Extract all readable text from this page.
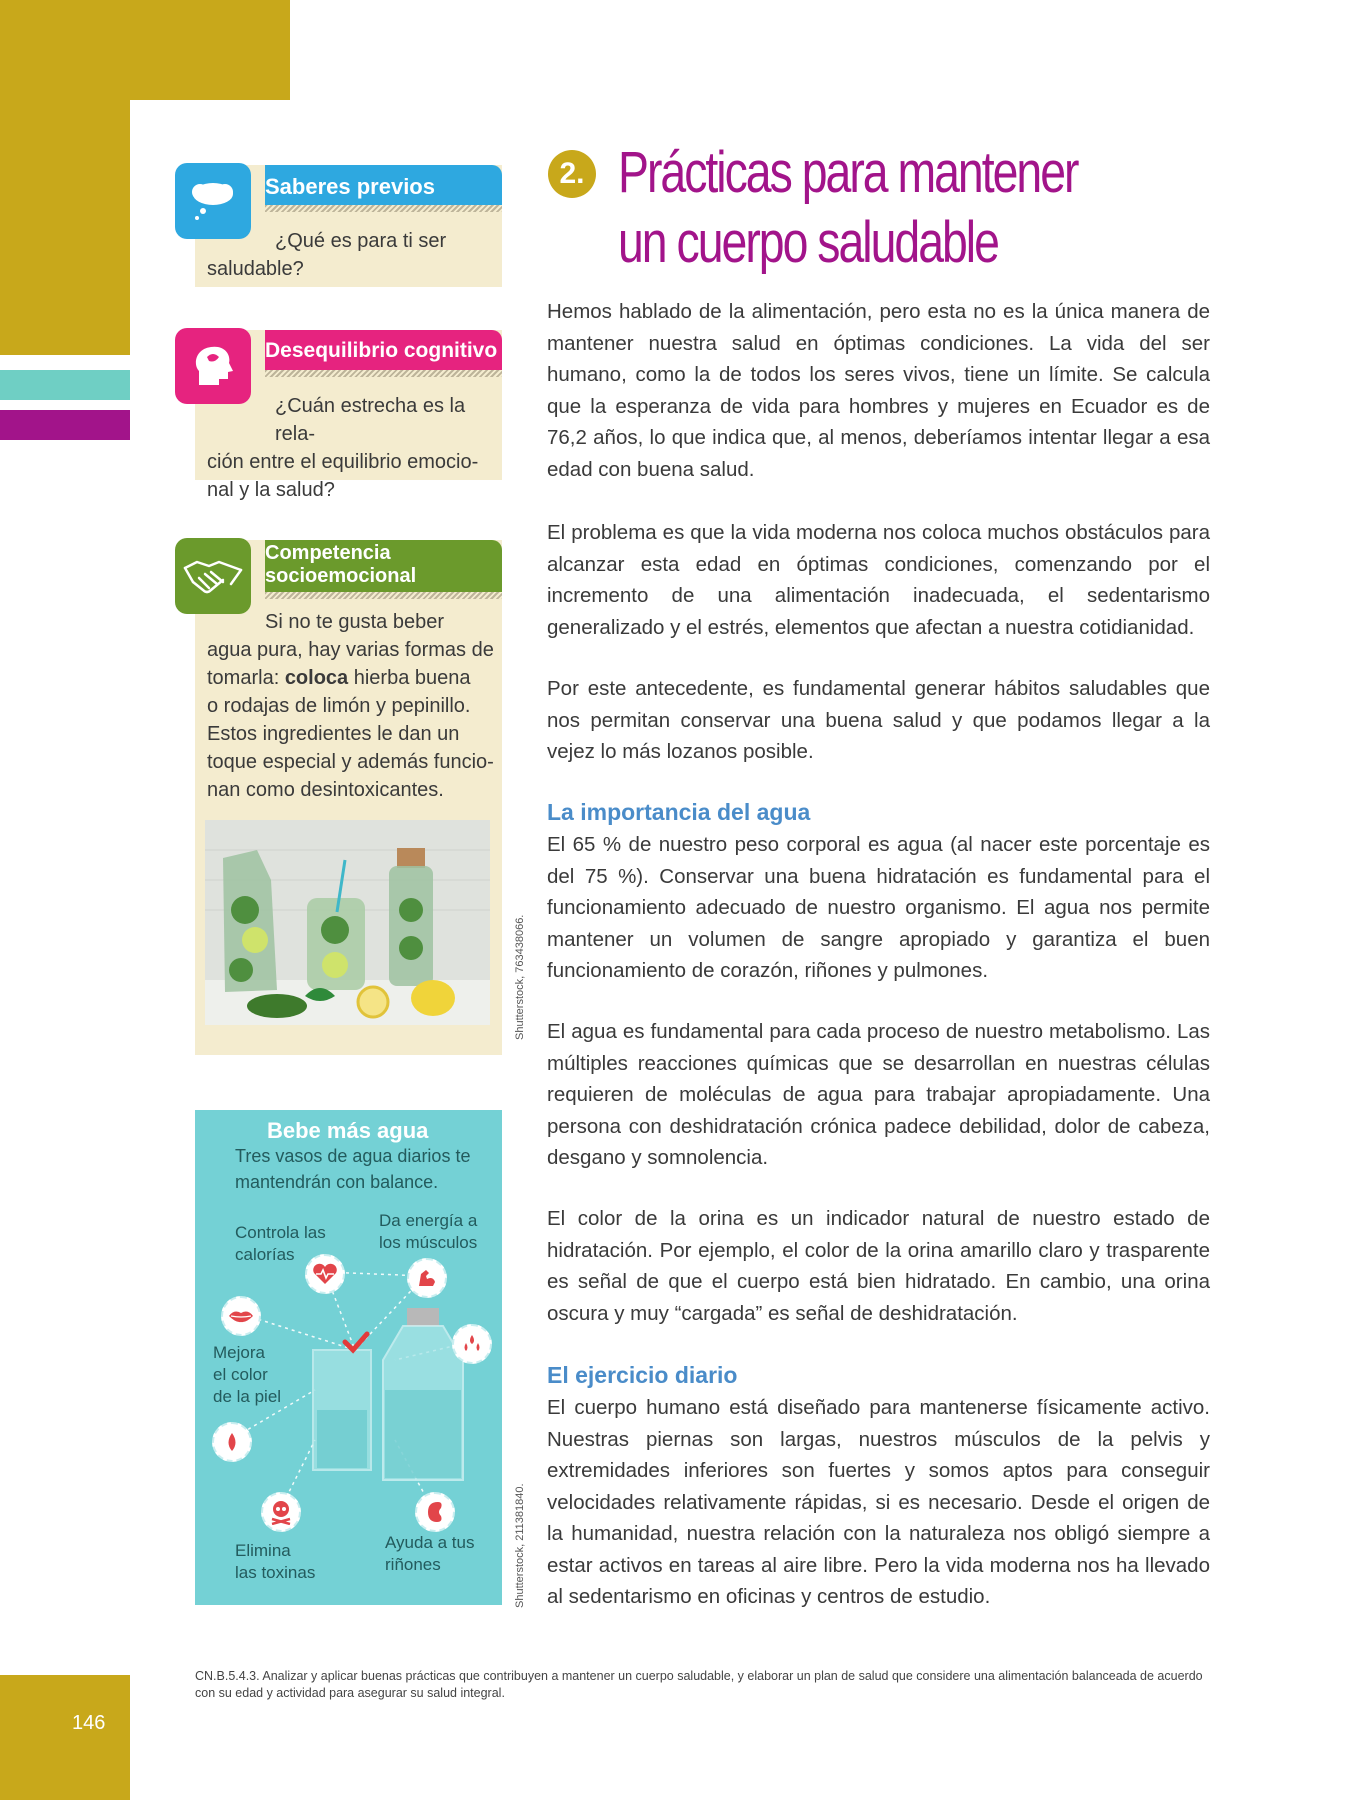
146
Saberes previos
¿Qué es para ti ser
saludable?
Desequilibrio cognitivo
¿Cuán estrecha es la rela-
ción entre el equilibrio emocio-
nal y la salud?
Competencia
socioemocional
Si no te gusta beber
agua pura, hay varias formas de
tomarla: coloca hierba buena
o rodajas de limón y pepinillo.
Estos ingredientes le dan un
toque especial y además funcio-
nan como desintoxicantes.
Shutterstock, 763438066.
Bebe más agua
Tres vasos de agua diarios te
mantendrán con balance.
Controla las
calorías
Da energía a
los músculos
Mejora
el color
de la piel
Elimina
las toxinas
Ayuda a tus
riñones	Shutterstock, 211381840.
2. Prácticas para mantener
un cuerpo saludable

Hemos hablado de la alimentación, pero esta no es la única manera de mantener nuestra salud en óptimas condiciones. La vida del ser humano, como la de todos los seres vivos, tiene un límite. Se calcula que la esperanza de vida para hombres y mujeres en Ecuador es de 76,2 años, lo que indica que, al menos, deberíamos intentar llegar a esa edad con buena salud.

El problema es que la vida moderna nos coloca muchos obstáculos para alcanzar esta edad en óptimas condiciones, comenzando por el incremento de una alimentación inadecuada, el sedentarismo generalizado y el estrés, elementos que afectan a nuestra cotidianidad.

Por este antecedente, es fundamental generar hábitos saludables que nos permitan conservar una buena salud y que podamos llegar a la vejez lo más lozanos posible.

La importancia del agua

El 65 % de nuestro peso corporal es agua (al nacer este porcentaje es del 75 %). Conservar una buena hidratación es fundamental para el funcionamiento adecuado de nuestro organismo. El agua nos permite mantener un volumen de sangre apropiado y garantiza el buen funcionamiento de corazón, riñones y pulmones.

El agua es fundamental para cada proceso de nuestro metabolismo. Las múltiples reacciones químicas que se desarrollan en nuestras células requieren de moléculas de agua para trabajar apropiadamente. Una persona con deshidratación crónica padece debilidad, dolor de cabeza, desgano y somnolencia.

El color de la orina es un indicador natural de nuestro estado de hidratación. Por ejemplo, el color de la orina amarillo claro y trasparente es señal de que el cuerpo está bien hidratado. En cambio, una orina oscura y muy “cargada” es señal de deshidratación.

El ejercicio diario

El cuerpo humano está diseñado para mantenerse físicamente activo. Nuestras piernas son largas, nuestros músculos de la pelvis y extremidades inferiores son fuertes y somos aptos para conseguir velocidades relativamente rápidas, si es necesario. Desde el origen de la humanidad, nuestra relación con la naturaleza nos obligó siempre a estar activos en tareas al aire libre. Pero la vida moderna nos ha llevado al sedentarismo en oficinas y centros de estudio.

CN.B.5.4.3. Analizar y aplicar buenas prácticas que contribuyen a mantener un cuerpo saludable, y elaborar un plan de salud que considere una alimentación balanceada de acuerdo con su edad y actividad para asegurar su salud integral.
